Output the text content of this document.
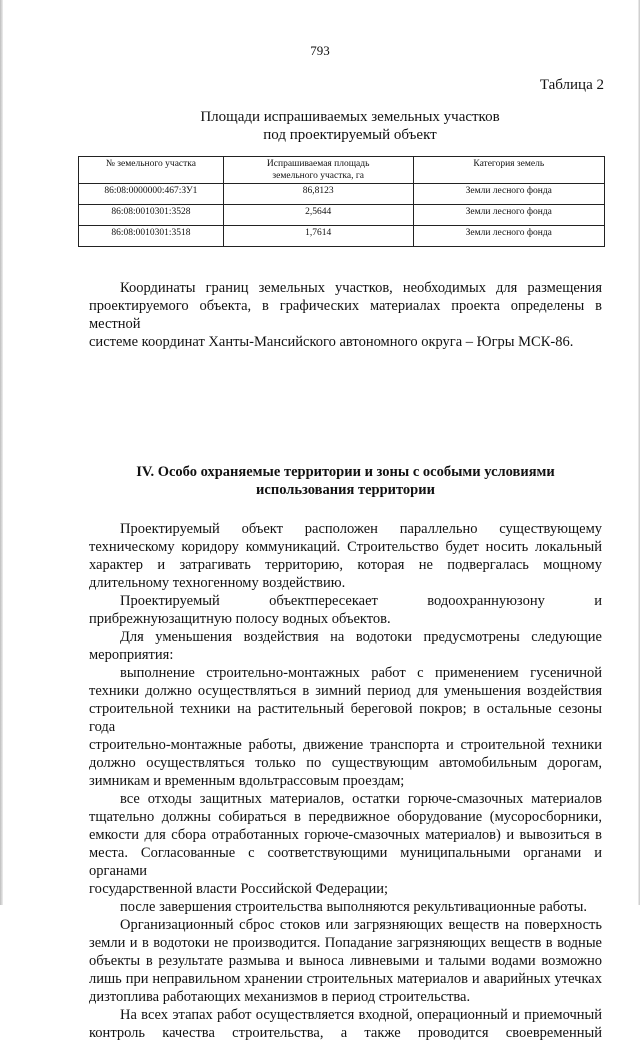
793
Таблица 2
Площади испрашиваемых земельных участков
под проектируемый объект
№ земельного участка	Испрашиваемая площадь земельного участка, га	Категория земель
86:08:0000000:467:ЗУ1	86,8123	Земли лесного фонда
86:08:0010301:3528	2,5644	Земли лесного фонда
86:08:0010301:3518	1,7614	Земли лесного фонда
Координаты границ земельных участков, необходимых для размещения
проектируемого объекта, в графических материалах проекта определены в местной
системе координат Ханты-Мансийского автономного округа – Югры МСК-86.
IV. Особо охраняемые территории и зоны с особыми условиями
использования территории
Проектируемый объект расположен параллельно существующему
техническому коридору коммуникаций. Строительство будет носить локальный
характер и затрагивать территорию, которая не подвергалась мощному
длительному техногенному воздействию.
Проектируемый объектпересекает водоохраннуюзону и
прибрежнуюзащитную полосу водных объектов.
Для уменьшения воздействия на водотоки предусмотрены следующие
мероприятия:
выполнение строительно-монтажных работ с применением гусеничной
техники должно осуществляться в зимний период для уменьшения воздействия
строительной техники на растительный береговой покров; в остальные сезоны года
строительно-монтажные работы, движение транспорта и строительной техники
должно осуществляться только по существующим автомобильным дорогам,
зимникам и временным вдольтрассовым проездам;
все отходы защитных материалов, остатки горюче-смазочных материалов
тщательно должны собираться в передвижное оборудование (мусоросборники,
емкости для сбора отработанных горюче-смазочных материалов) и вывозиться в
места. Согласованные с соответствующими муниципальными органами и органами
государственной власти Российской Федерации;
после завершения строительства выполняются рекультивационные работы.
Организационный сброс стоков или загрязняющих веществ на поверхность
земли и в водотоки не производится. Попадание загрязняющих веществ в водные
объекты в результате размыва и выноса ливневыми и талыми водами возможно
лишь при неправильном хранении строительных материалов и аварийных утечках
дизтоплива работающих механизмов в период строительства.
На всех этапах работ осуществляется входной, операционный и приемочный
контроль качества строительства, а также проводится своевременный
